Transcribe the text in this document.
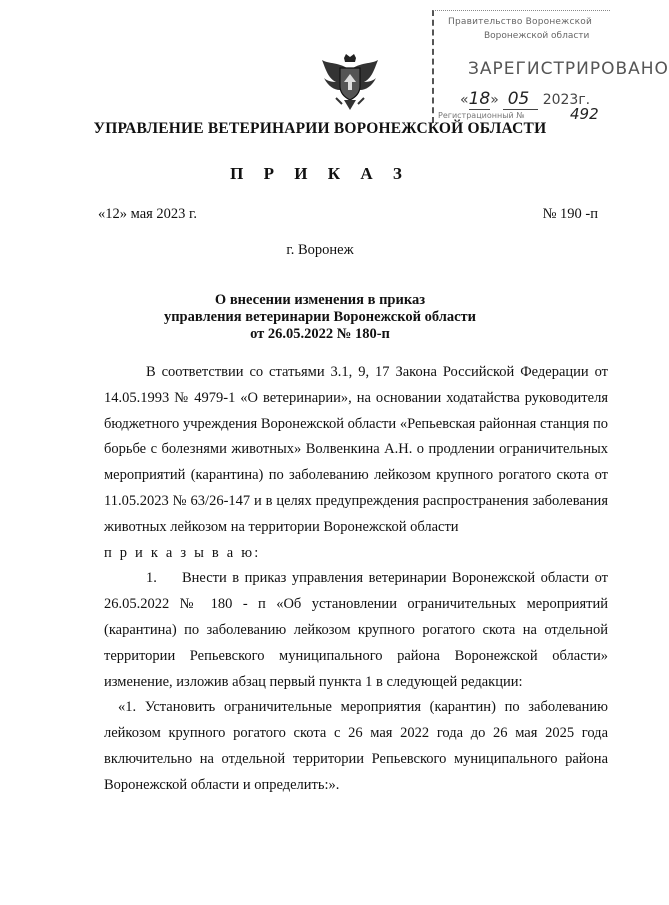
Правительство Воронежской
Воронежской области
ЗАРЕГИСТРИРОВАНО
«18»  05 2023г.
Регистрационный №	492
УПРАВЛЕНИЕ ВЕТЕРИНАРИИ ВОРОНЕЖСКОЙ ОБЛАСТИ
П Р И К А З
«12» мая 2023 г.	№ 190 -п
г. Воронеж
О внесении изменения в приказ
управления ветеринарии Воронежской области
от 26.05.2022 № 180-п

В соответствии со статьями 3.1, 9, 17 Закона Российской Федерации от 14.05.1993 № 4979-1 «О ветеринарии», на основании ходатайства руководителя бюджетного учреждения Воронежской области «Репьевская районная станция по борьбе с болезнями животных» Волвенкина А.Н. о продлении ограничительных мероприятий (карантина) по заболеванию лейкозом крупного рогатого скота от 11.05.2023 № 63/26-147 и в целях предупреждения распространения заболевания животных лейкозом на территории Воронежской области

п р и к а з ы в а ю:

1. Внести в приказ управления ветеринарии Воронежской области от 26.05.2022 № 180 - п «Об установлении ограничительных мероприятий (карантина) по заболеванию лейкозом крупного рогатого скота на отдельной территории Репьевского муниципального района Воронежской области» изменение, изложив абзац первый пункта 1 в следующей редакции:

«1. Установить ограничительные мероприятия (карантин) по заболеванию лейкозом крупного рогатого скота с 26 мая 2022 года до 26 мая 2025 года включительно на отдельной территории Репьевского муниципального района Воронежской области и определить:».
